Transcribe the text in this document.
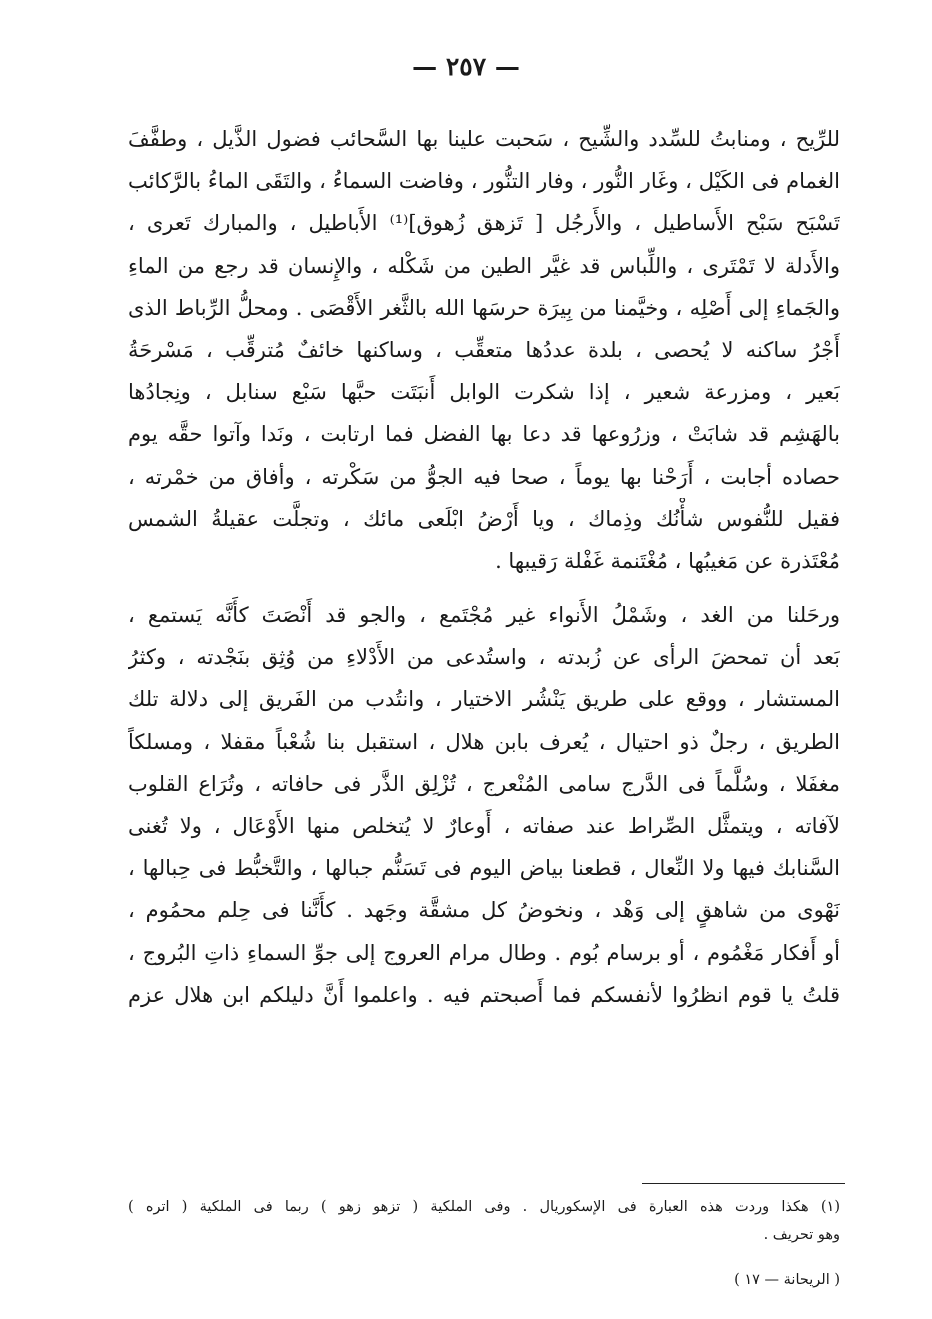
— ٢٥٧ —
للرِّيح ، ومنابتُ للسِّدد والشِّيح ، سَحبت علينا بها السَّحائب فضول الذَّيل ، وطفَّفَ
الغمام فى الكَيْل ، وغَار النُّور ، وفار التنُّور ، وفاضت السماءُ ، والتَقَى الماءُ بالرَّكائب
تَسْبَح سَبْح الأَساطيل ، والأَرجُل [ تَزهق زُهوق]⁽¹⁾ الأَباطيل ، والمبارك تَعرى ،
والأَدلة لا تَمْتَرى ، واللِّباس قد غيَّر الطين من شَكْله ، والإِنسان قد رجع من الماءِ
والجَماءِ إلى أَصْلِه ، وخيَّمنا من بِيرَة حرسَها الله بالثَّغر الأَقْصَى . ومحلُّ الرِّباط الذى
أَجْرُ ساكنه لا يُحصى ، بلدة عددُها متعقِّب ، وساكنها خائفٌ مُترقِّب ، مَسْرحَةُ
بَعير ، ومزرعة شعير ، إذا شكرت الوابل أَنبَتَت حبَّها سَبْع سنابل ، ونِجادُها
بالهَشِم قد شابَتْ ، وزرُوعها قد دعا بها الفضل فما ارتابت ، ونَدا وآتوا حقَّه يوم
حصاده أجابت ، أَرَحْنا بها يوماً ، صحا فيه الجوُّ من سَكْرته ، وأفاق من خمْرته ،
فقيل للنُّفوس شأْنُك وذِماك ، ويا أَرْضُ ابْلَعى مائك ، وتجلَّت عقيلةُ الشمس
مُعْتَذرة عن مَغيبُها ، مُغْتَنمة غَفْلة رَقيبها .
ورحَلنا من الغد ، وشَمْلُ الأَنواء غير مُجْتَمع ، والجو قد أَنْصَتَ كأَنَّه يَستمع ،
بَعد أن تمحضَ الرأى عن زُبدته ، واستُدعى من الأَدْلاءِ من وُثِق بنَجْدته ، وكثرُ
المستشار ، ووقع على طريق يَنْشُر الاختيار ، وانتُدب من الفَريق إلى دلالة تلك
الطريق ، رجلٌ ذو احتيال ، يُعرف بابن هلال ، استقبل بنا شُعْباً مقفلا ، ومسلكاً
مغفَلا ، وسُلَّماً فى الدَّرج سامى المُنْعرج ، تُزْلِق الذَّر فى حافاته ، وتُرَاع القلوب
لآفاته ، ويتمثَّل الصِّراط عند صفاته ، أَوعارٌ لا يُتخلص منها الأَوْعَال ، ولا تُغنى
السَّنابك فيها ولا النِّعال ، قطعنا بياض اليوم فى تَسَنُّم جبالها ، والتَّخبُّط فى حِبالها ،
نَهْوى من شاهقٍ إلى وَهْد ، ونخوضُ كل مشقَّة وجَهد . كأَنَّنا فى حِلم محمُوم ،
أو أَفكار مَغْمُوم ، أو برسام بُوم . وطال مرام العروج إلى جوِّ السماءِ ذاتِ البُروج ،
قلتُ يا قوم انظرُوا لأنفسكم فما أَصبحتم فيه . واعلموا أَنَّ دليلكم ابن هلال عزم
(١) هكذا وردت هذه العبارة فى الإسكوريال . وفى الملكية ( تزهو زهو ) ربما فى الملكية ( اتره )
وهو تحريف .
( الريحانة — ١٧ )
